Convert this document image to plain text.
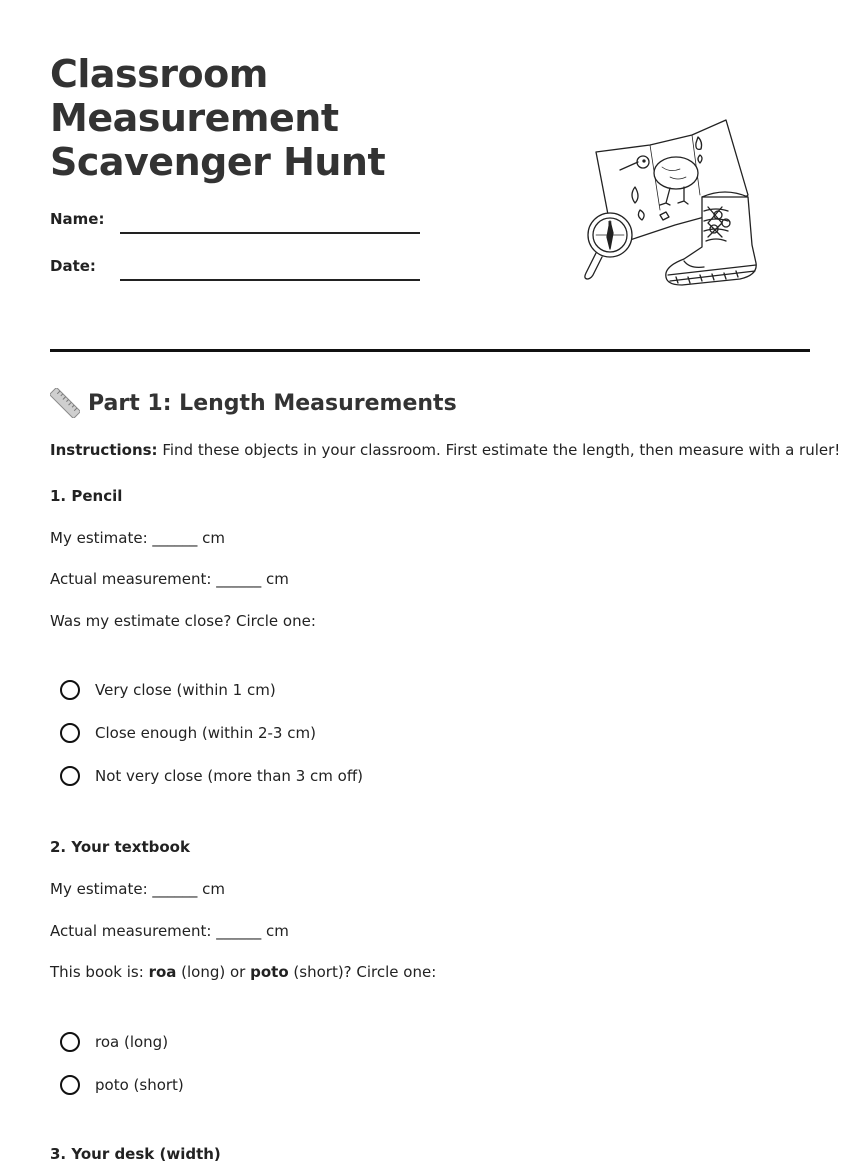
Classroom
Measurement
Scavenger Hunt
Name:
Date:
N
Part 1: Length Measurements
Instructions: Find these objects in your classroom. First estimate the length, then measure with a ruler!
1. Pencil
My estimate: ______ cm
Actual measurement: ______ cm
Was my estimate close? Circle one:
Very close (within 1 cm)
Close enough (within 2-3 cm)
Not very close (more than 3 cm off)
2. Your textbook
My estimate: ______ cm
Actual measurement: ______ cm
This book is: roa (long) or poto (short)? Circle one:
roa (long)
poto (short)
3. Your desk (width)
